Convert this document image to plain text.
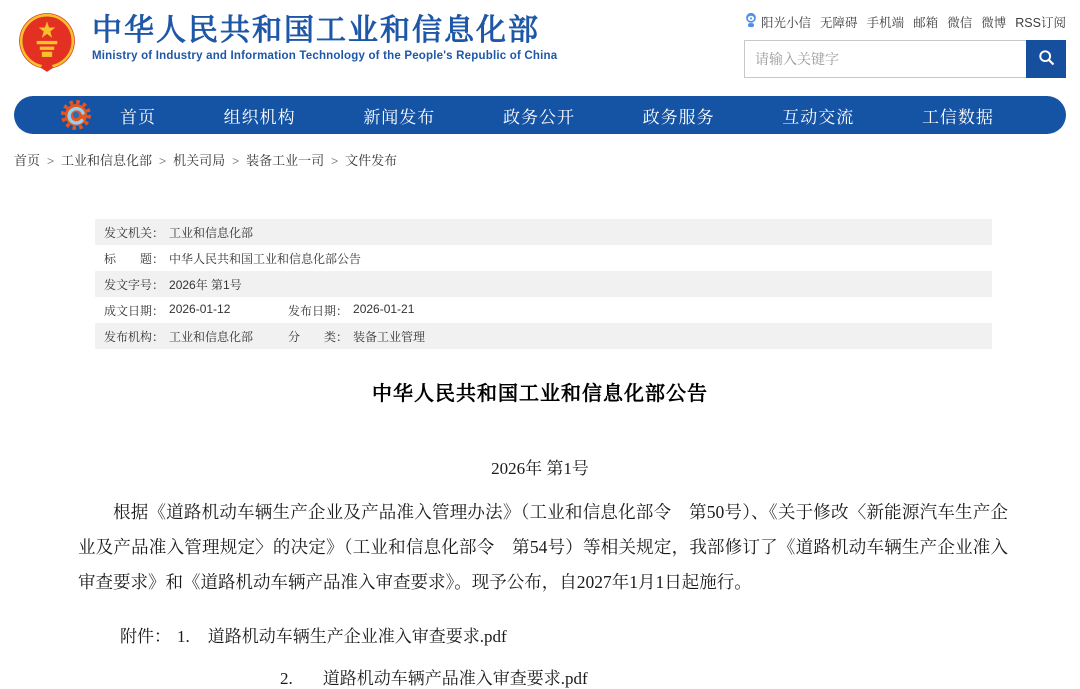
中华人民共和国工业和信息化部
Ministry of Industry and Information Technology of the People's Republic of China
阳光小信 无障碍 手机端 邮箱 微信 微博 RSS订阅
请输入关键字
首页	组织机构	新闻发布	政务公开	政务服务	互动交流	工信数据
首页 > 工业和信息化部 > 机关司局 > 装备工业一司 > 文件发布
发文机关： 工业和信息化部
标　　题： 中华人民共和国工业和信息化部公告
发文字号： 2026年 第1号
成文日期： 2026-01-12	发布日期： 2026-01-21
发布机构： 工业和信息化部	分　　类： 装备工业管理
中华人民共和国工业和信息化部公告
2026年 第1号
根据《道路机动车辆生产企业及产品准入管理办法》（工业和信息化部令　第50号）、《关于修改〈新能源汽车生产企业及产品准入管理规定〉的决定》（工业和信息化部令　第54号）等相关规定，我部修订了《道路机动车辆生产企业准入审查要求》和《道路机动车辆产品准入审查要求》。现予公布，自2027年1月1日起施行。
附件： 1. 道路机动车辆生产企业准入审查要求.pdf
2. 道路机动车辆产品准入审查要求.pdf
